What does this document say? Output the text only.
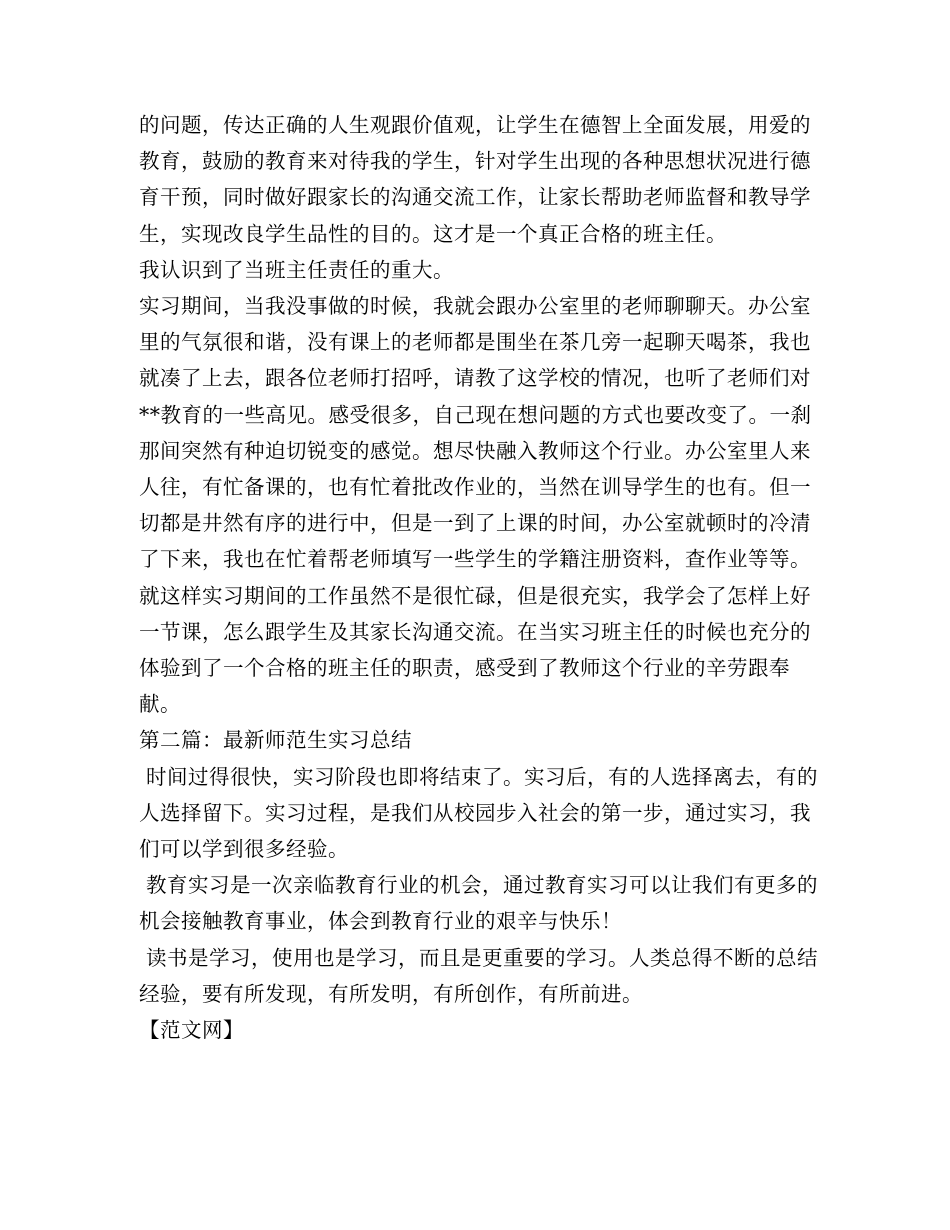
的问题，传达正确的人生观跟价值观，让学生在德智上全面发展，用爱的教育，鼓励的教育来对待我的学生，针对学生出现的各种思想状况进行德育干预，同时做好跟家长的沟通交流工作，让家长帮助老师监督和教导学生，实现改良学生品性的目的。这才是一个真正合格的班主任。

我认识到了当班主任责任的重大。

实习期间，当我没事做的时候，我就会跟办公室里的老师聊聊天。办公室里的气氛很和谐，没有课上的老师都是围坐在茶几旁一起聊天喝茶，我也就凑了上去，跟各位老师打招呼，请教了这学校的情况，也听了老师们对**教育的一些高见。感受很多，自己现在想问题的方式也要改变了。一刹那间突然有种迫切锐变的感觉。想尽快融入教师这个行业。办公室里人来人往，有忙备课的，也有忙着批改作业的，当然在训导学生的也有。但一切都是井然有序的进行中，但是一到了上课的时间，办公室就顿时的冷清了下来，我也在忙着帮老师填写一些学生的学籍注册资料，查作业等等。

就这样实习期间的工作虽然不是很忙碌，但是很充实，我学会了怎样上好一节课，怎么跟学生及其家长沟通交流。在当实习班主任的时候也充分的体验到了一个合格的班主任的职责，感受到了教师这个行业的辛劳跟奉献。

第二篇：最新师范生实习总结

时间过得很快，实习阶段也即将结束了。实习后，有的人选择离去，有的人选择留下。实习过程，是我们从校园步入社会的第一步，通过实习，我们可以学到很多经验。

教育实习是一次亲临教育行业的机会，通过教育实习可以让我们有更多的机会接触教育事业，体会到教育行业的艰辛与快乐！

读书是学习，使用也是学习，而且是更重要的学习。人类总得不断的总结经验，要有所发现，有所发明，有所创作，有所前进。

【范文网】
